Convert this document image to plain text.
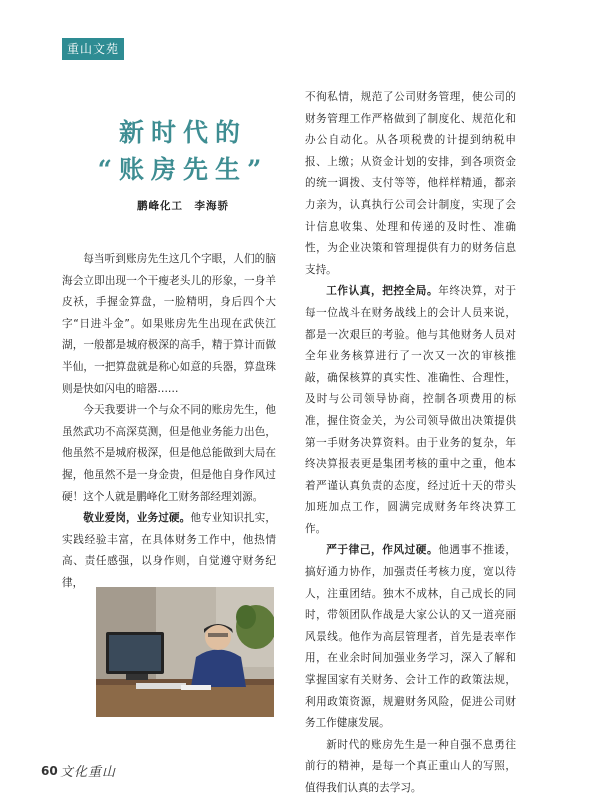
重山文苑
新时代的
“账房先生”
鹏峰化工　李海骄

每当听到账房先生这几个字眼，人们的脑海会立即出现一个干瘦老头儿的形象，一身羊皮袄，手握金算盘，一脸精明，身后四个大字“日进斗金”。如果账房先生出现在武侠江湖，一般都是城府极深的高手，精于算计而做半仙，一把算盘就是称心如意的兵器，算盘珠则是快如闪电的暗器……

今天我要讲一个与众不同的账房先生，他虽然武功不高深莫测，但是他业务能力出色，他虽然不是城府极深，但是他总能做到大局在握，他虽然不是一身金贵，但是他自身作风过硬！这个人就是鹏峰化工财务部经理刘源。

敬业爱岗，业务过硬。他专业知识扎实，实践经验丰富，在具体财务工作中，他热情高、责任感强，以身作则，自觉遵守财务纪律，

不徇私情，规范了公司财务管理，使公司的财务管理工作严格做到了制度化、规范化和办公自动化。从各项税费的计提到纳税申报、上缴；从资金计划的安排，到各项资金的统一调拨、支付等等，他样样精通，都亲力亲为，认真执行公司会计制度，实现了会计信息收集、处理和传递的及时性、准确性，为企业决策和管理提供有力的财务信息支持。

工作认真，把控全局。年终决算，对于每一位战斗在财务战线上的会计人员来说，都是一次艰巨的考验。他与其他财务人员对全年业务核算进行了一次又一次的审核推敲，确保核算的真实性、准确性、合理性，及时与公司领导协商，控制各项费用的标准，握住资金关，为公司领导做出决策提供第一手财务决算资料。由于业务的复杂，年终决算报表更是集团考核的重中之重，他本着严谨认真负责的态度，经过近十天的带头加班加点工作，圆满完成财务年终决算工作。

严于律己，作风过硬。他遇事不推诿，搞好通力协作，加强责任考核力度，宽以待人，注重团结。独木不成林，自己成长的同时，带领团队作战是大家公认的又一道亮丽风景线。他作为高层管理者，首先是表率作用，在业余时间加强业务学习，深入了解和掌握国家有关财务、会计工作的政策法规，利用政策资源，规避财务风险，促进公司财务工作健康发展。

新时代的账房先生是一种自强不息勇往前行的精神，是每一个真正重山人的写照，值得我们认真的去学习。

60 文化重山
